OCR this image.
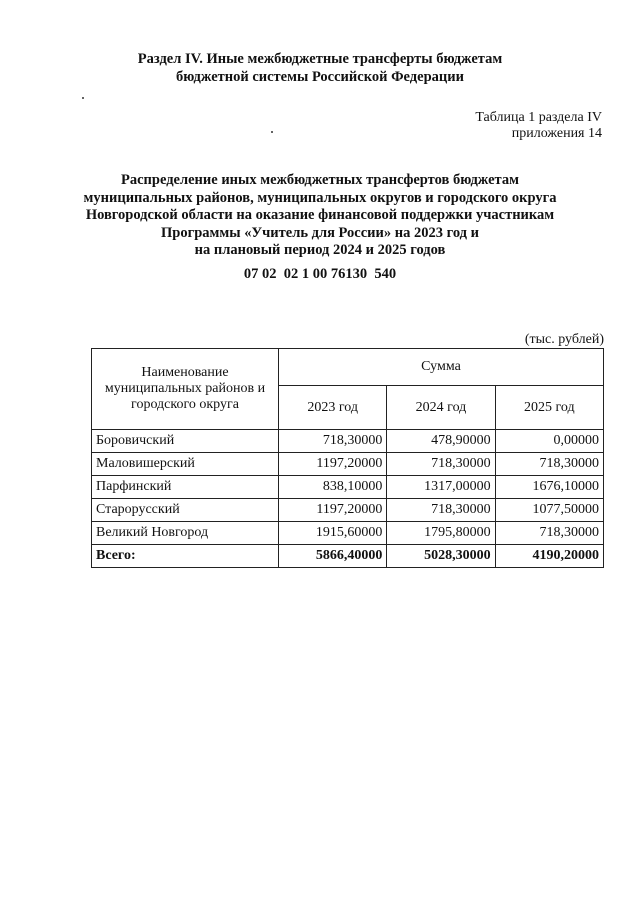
Раздел IV. Иные межбюджетные трансферты бюджетам
бюджетной системы Российской Федерации
Таблица 1 раздела IV
приложения 14
Распределение иных межбюджетных трансфертов бюджетам
муниципальных районов, муниципальных округов и городского округа
Новгородской области на оказание финансовой поддержки участникам
Программы «Учитель для России» на 2023 год и
на плановый период 2024 и 2025 годов
07 02  02 1 00 76130  540
(тыс. рублей)
Наименование
муниципальных районов и
городского округа	Сумма		
	2023 год	2024 год	2025 год
Боровичский	718,30000	478,90000	0,00000
Маловишерский	1197,20000	718,30000	718,30000
Парфинский	838,10000	1317,00000	1676,10000
Старорусский	1197,20000	718,30000	1077,50000
Великий Новгород	1915,60000	1795,80000	718,30000
Всего:	5866,40000	5028,30000	4190,20000
